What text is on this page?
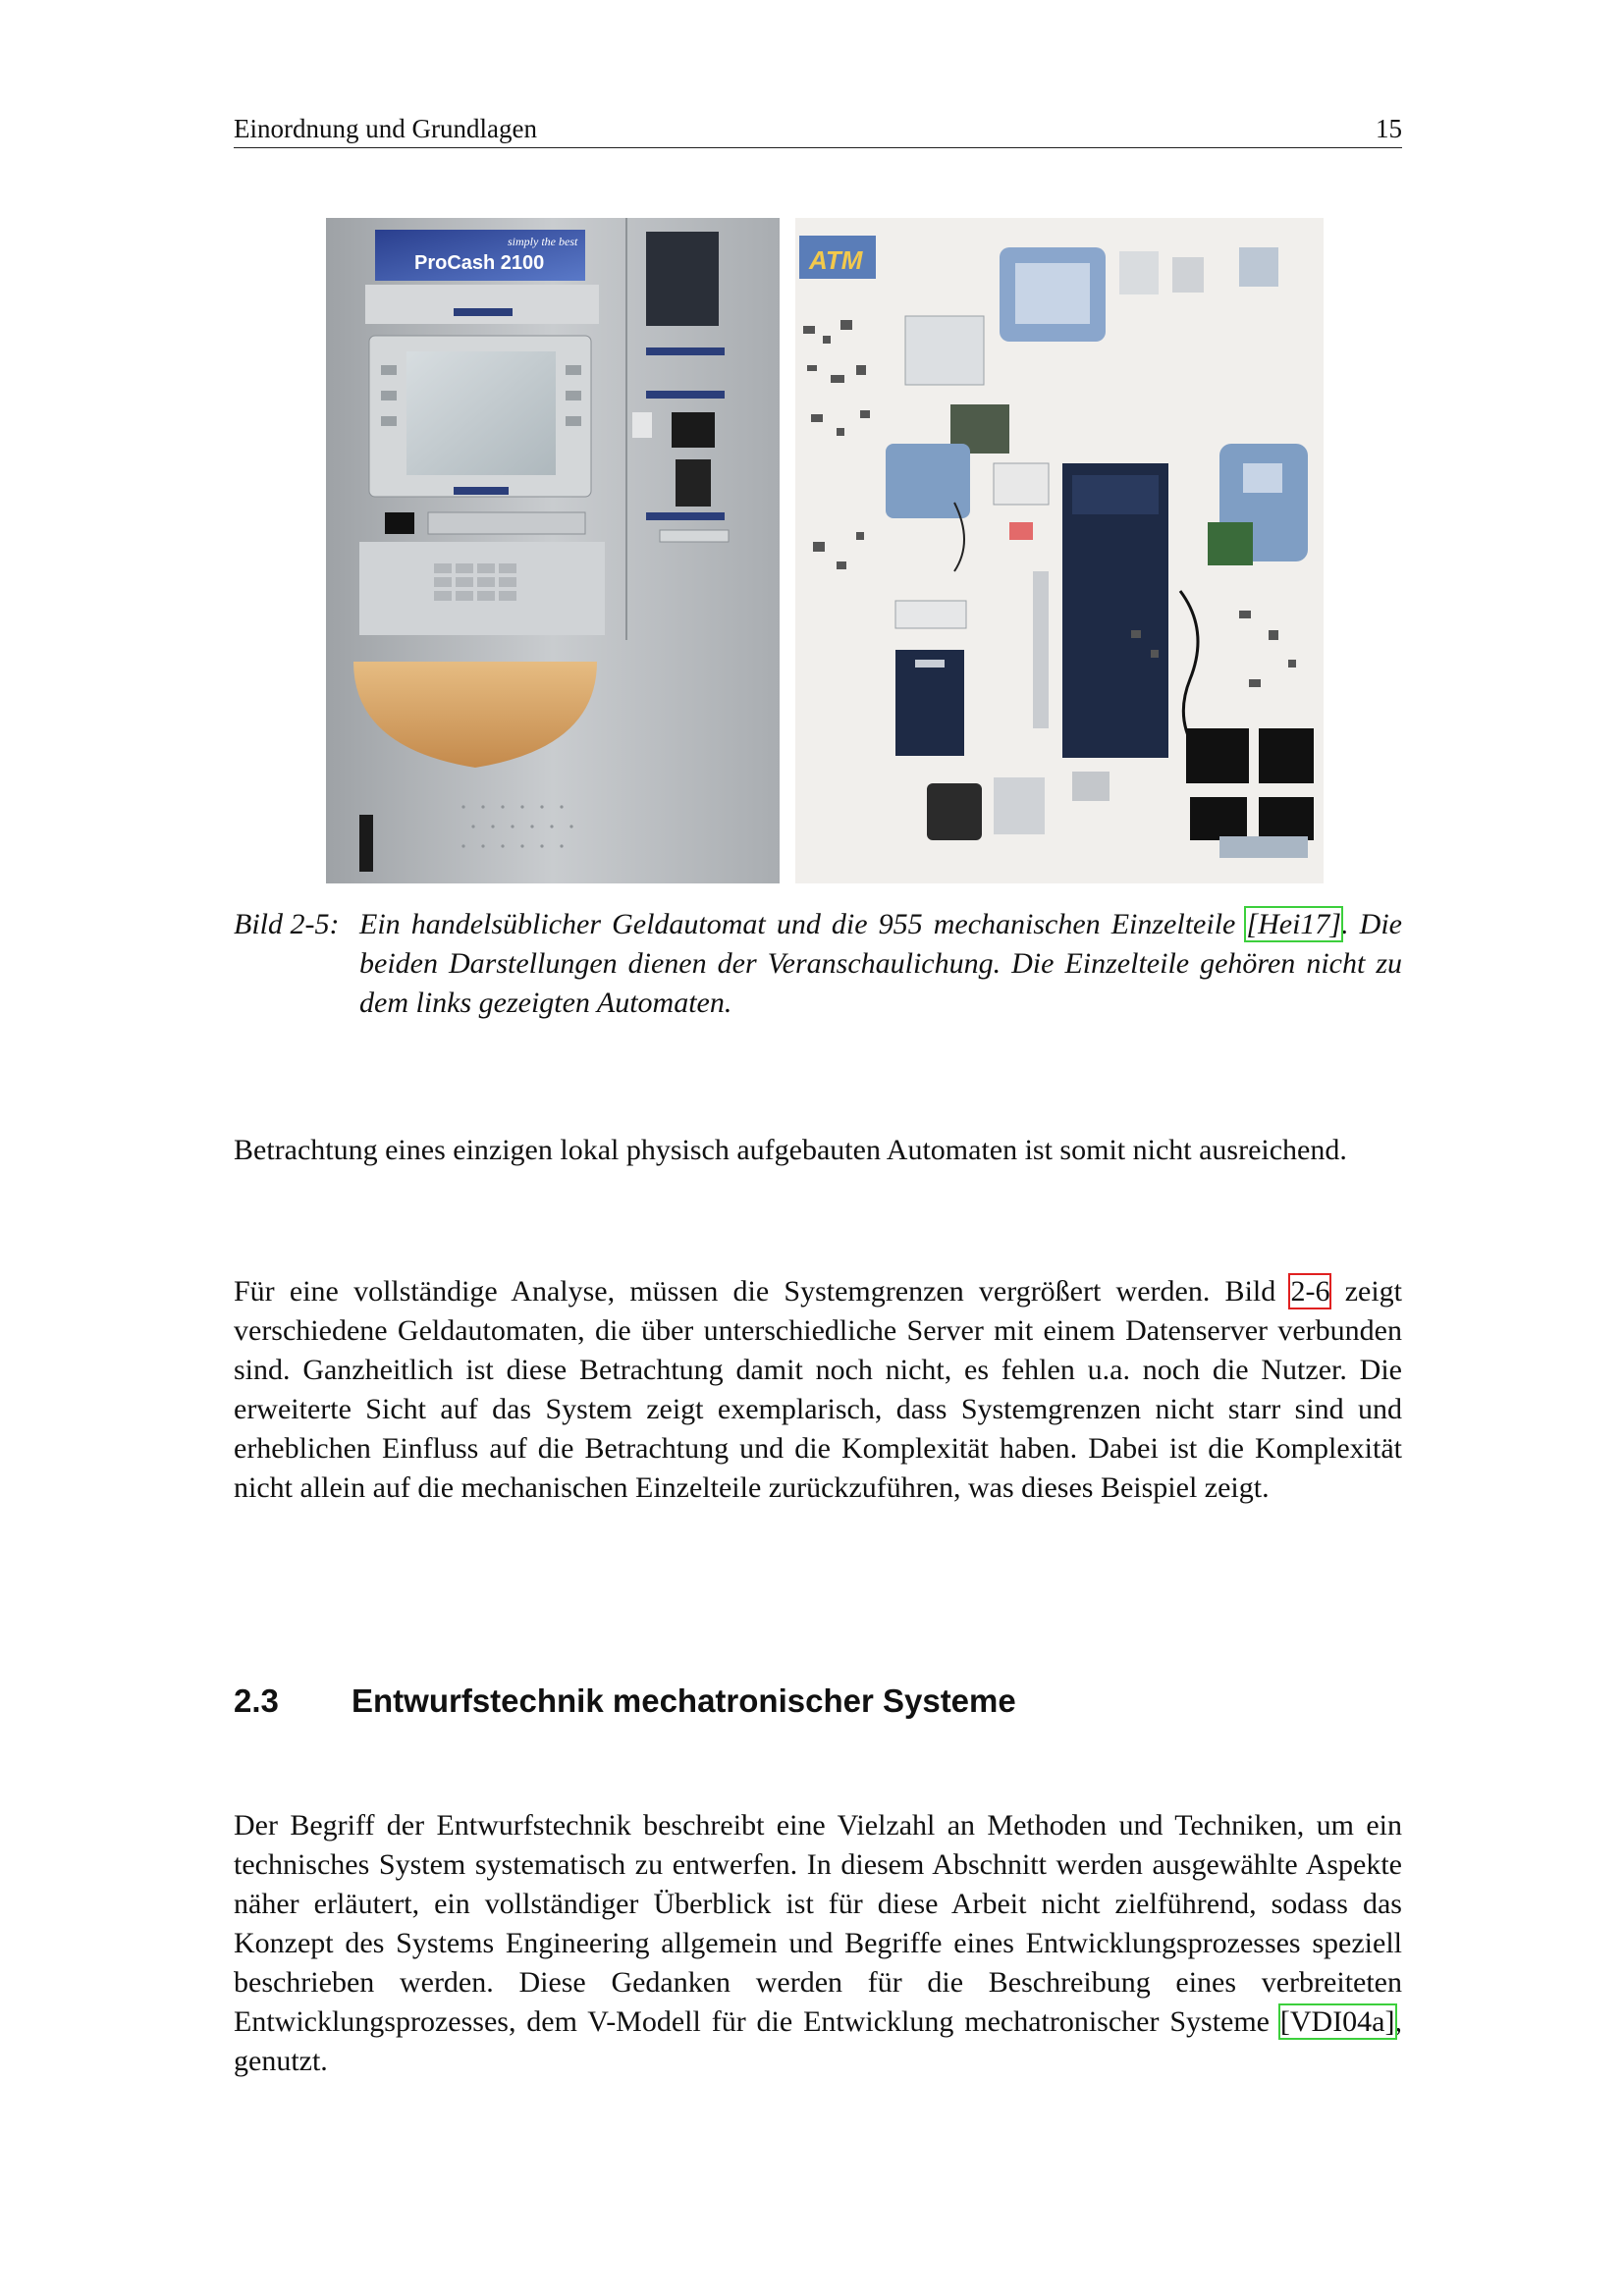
Einordnung und Grundlagen	15
ProCash 2100
simply the best
ATM
Bild 2-5: Ein handelsüblicher Geldautomat und die 955 mechanischen Einzelteile [Hei17]. Die beiden Darstellungen dienen der Veranschaulichung. Die Einzelteile gehören nicht zu dem links gezeigten Automaten.

Betrachtung eines einzigen lokal physisch aufgebauten Automaten ist somit nicht ausreichend.

Für eine vollständige Analyse, müssen die Systemgrenzen vergrößert werden. Bild 2-6 zeigt verschiedene Geldautomaten, die über unterschiedliche Server mit einem Datenserver verbunden sind. Ganzheitlich ist diese Betrachtung damit noch nicht, es fehlen u.a. noch die Nutzer. Die erweiterte Sicht auf das System zeigt exemplarisch, dass Systemgrenzen nicht starr sind und erheblichen Einfluss auf die Betrachtung und die Komplexität haben. Dabei ist die Komplexität nicht allein auf die mechanischen Einzelteile zurückzuführen, was dieses Beispiel zeigt.

2.3 Entwurfstechnik mechatronischer Systeme

Der Begriff der Entwurfstechnik beschreibt eine Vielzahl an Methoden und Techniken, um ein technisches System systematisch zu entwerfen. In diesem Abschnitt werden ausgewählte Aspekte näher erläutert, ein vollständiger Überblick ist für diese Arbeit nicht zielführend, sodass das Konzept des Systems Engineering allgemein und Begriffe eines Entwicklungsprozesses speziell beschrieben werden. Diese Gedanken werden für die Beschreibung eines verbreiteten Entwicklungsprozesses, dem V-Modell für die Entwicklung mechatronischer Systeme [VDI04a], genutzt.
